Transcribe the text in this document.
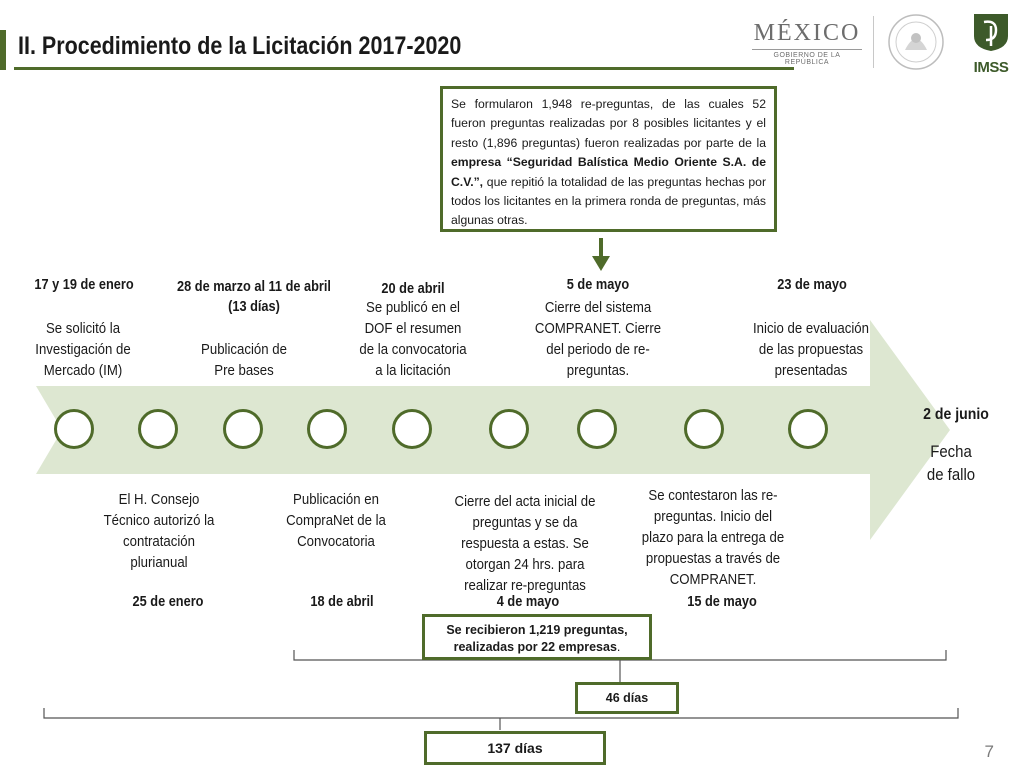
II. Procedimiento de la Licitación 2017-2020	MÉXICO
GOBIERNO DE LA REPÚBLICA	IMSS
Se formularon 1,948 re-preguntas, de las cuales 52 fueron preguntas realizadas por 8 posibles licitantes y el resto (1,896 preguntas) fueron realizadas por parte de la empresa “Seguridad Balística Medio Oriente S.A. de C.V.”, que repitió la totalidad de las preguntas hechas por todos los licitantes en la primera ronda de preguntas, más algunas otras.
17 y 19 de enero
Se solicitó la Investigación de Mercado (IM)
28 de marzo al 11 de abril (13 días)
Publicación de Pre bases
20 de abril
Se publicó en el DOF el resumen de la convocatoria a la licitación
5 de mayo
Cierre del sistema COMPRANET. Cierre del periodo de re-preguntas.
23 de mayo
Inicio de evaluación de las propuestas presentadas
2 de junio
Fecha de fallo
El H. Consejo Técnico autorizó la contratación plurianual
25 de enero
Publicación en CompraNet de la Convocatoria
18 de abril
Cierre del acta inicial de preguntas y se da respuesta a estas. Se otorgan 24 hrs. para realizar re-preguntas
4 de mayo
Se contestaron las re-preguntas. Inicio del plazo para la entrega de propuestas a través de COMPRANET.
15 de mayo
Se recibieron 1,219 preguntas, realizadas por 22 empresas.
46 días
137 días	7
